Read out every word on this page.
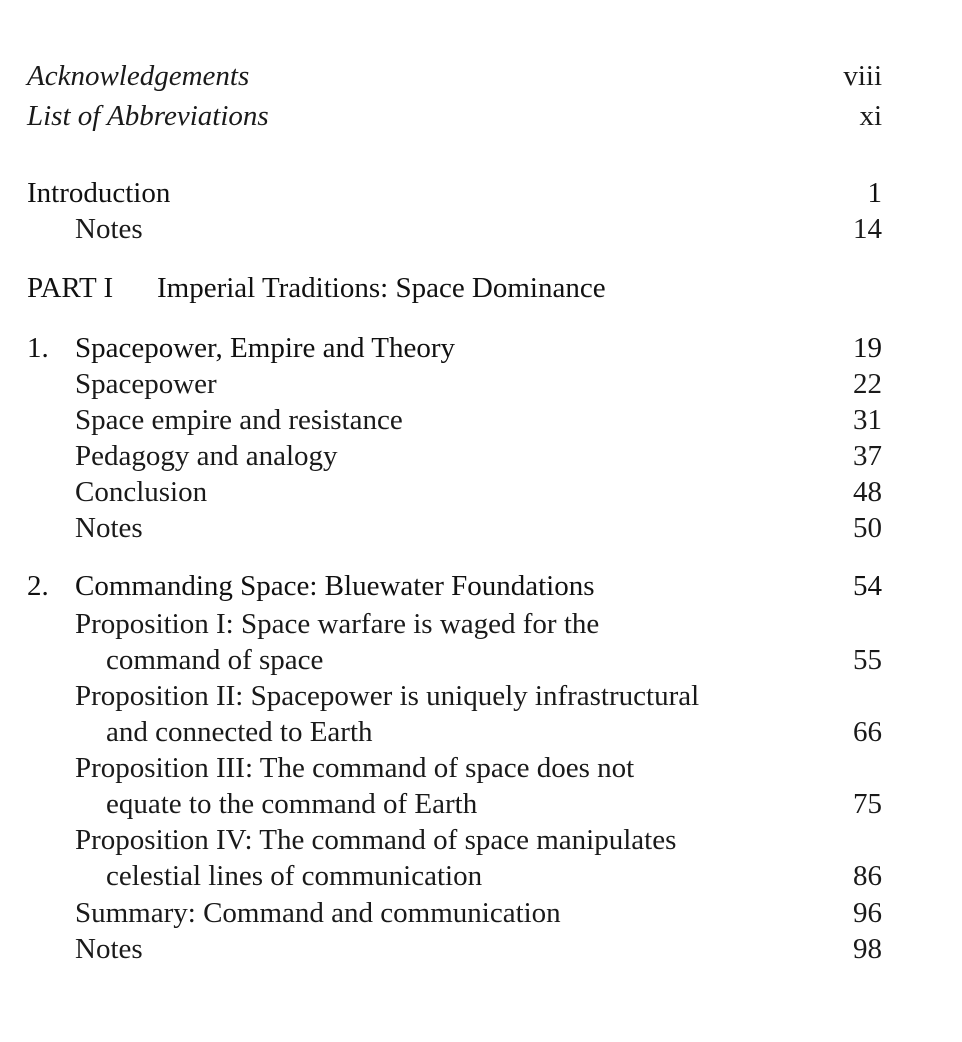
Acknowledgements	viii
List of Abbreviations	xi
Introduction	1
Notes	14
PART I Imperial Traditions: Space Dominance
1. Spacepower, Empire and Theory	19
Spacepower	22
Space empire and resistance	31
Pedagogy and analogy	37
Conclusion	48
Notes	50
2. Commanding Space: Bluewater Foundations	54
Proposition I: Space warfare is waged for the
command of space	55
Proposition II: Spacepower is uniquely infrastructural
and connected to Earth	66
Proposition III: The command of space does not
equate to the command of Earth	75
Proposition IV: The command of space manipulates
celestial lines of communication	86
Summary: Command and communication	96
Notes	98
